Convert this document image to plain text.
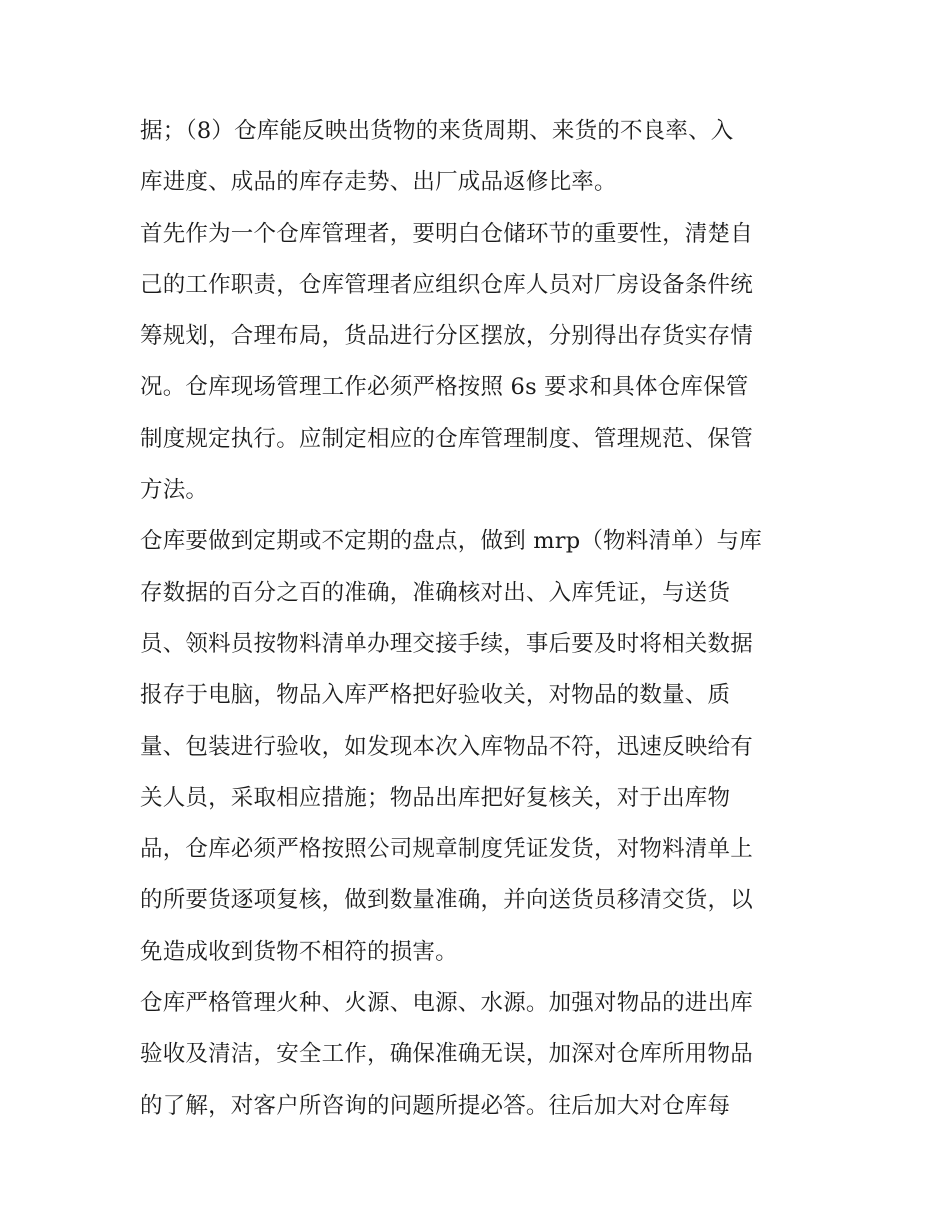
据；（8）仓库能反映出货物的来货周期、来货的不良率、入
库进度、成品的库存走势、出厂成品返修比率。
首先作为一个仓库管理者，要明白仓储环节的重要性，清楚自
己的工作职责，仓库管理者应组织仓库人员对厂房设备条件统
筹规划，合理布局，货品进行分区摆放，分别得出存货实存情
况。仓库现场管理工作必须严格按照 6s 要求和具体仓库保管
制度规定执行。应制定相应的仓库管理制度、管理规范、保管
方法。
仓库要做到定期或不定期的盘点，做到 mrp（物料清单）与库
存数据的百分之百的准确，准确核对出、入库凭证，与送货
员、领料员按物料清单办理交接手续，事后要及时将相关数据
报存于电脑，物品入库严格把好验收关，对物品的数量、质
量、包装进行验收，如发现本次入库物品不符，迅速反映给有
关人员，采取相应措施；物品出库把好复核关，对于出库物
品，仓库必须严格按照公司规章制度凭证发货，对物料清单上
的所要货逐项复核，做到数量准确，并向送货员移清交货，以
免造成收到货物不相符的损害。
仓库严格管理火种、火源、电源、水源。加强对物品的进出库
验收及清洁，安全工作，确保准确无误，加深对仓库所用物品
的了解，对客户所咨询的问题所提必答。往后加大对仓库每
